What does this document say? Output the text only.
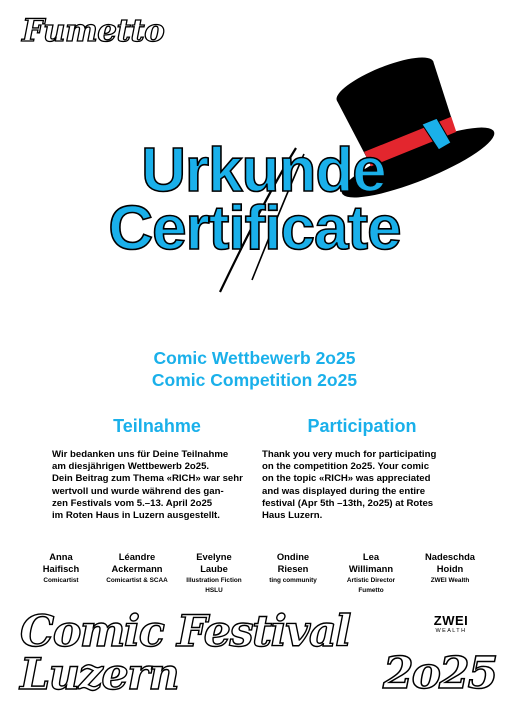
Fumetto
Urkunde
Certificate
Comic Wettbewerb 2o25
Comic Competition 2o25
Teilnahme	Participation
Wir bedanken uns für Deine Teilnahme
am diesjährigen Wettbewerb 2o25.
Dein Beitrag zum Thema «RICH» war sehr
wertvoll und wurde während des gan-
zen Festivals vom 5.–13. April 2o25
im Roten Haus in Luzern ausgestellt.
Thank you very much for participating
on the competition 2o25. Your comic
on the topic «RICH» was appreciated
and was displayed during the entire
festival (Apr 5th –13th, 2o25) at Rotes
Haus Luzern.
Anna
Haifisch
Comicartist
Léandre
Ackermann
Comicartist & SCAA
Evelyne
Laube
Illustration Fiction
HSLU
Ondine
Riesen
ting community
Lea
Willimann
Artistic Director
Fumetto
Nadeschda
Hoidn
ZWEI Wealth
ZWEI
WEALTH
Comic Festival
Luzern	2o25
